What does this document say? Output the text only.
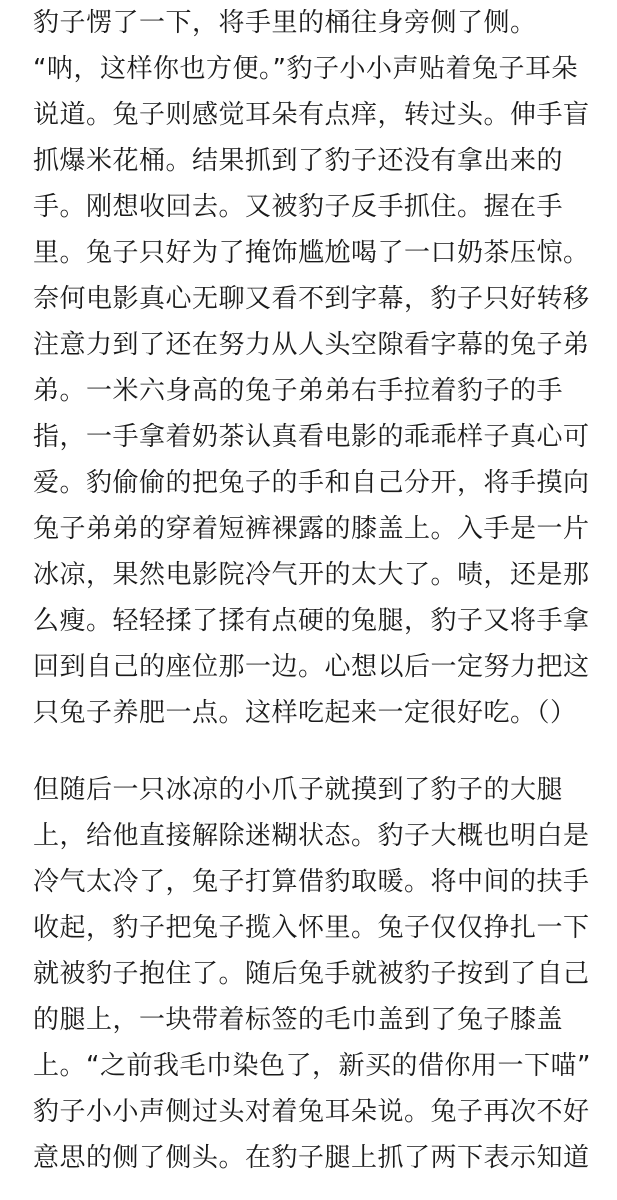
豹子愣了一下，将手里的桶往身旁侧了侧。
“呐，这样你也方便。”豹子小小声贴着兔子耳朵
说道。兔子则感觉耳朵有点痒，转过头。伸手盲
抓爆米花桶。结果抓到了豹子还没有拿出来的
手。刚想收回去。又被豹子反手抓住。握在手
里。兔子只好为了掩饰尴尬喝了一口奶茶压惊。
奈何电影真心无聊又看不到字幕，豹子只好转移
注意力到了还在努力从人头空隙看字幕的兔子弟
弟。一米六身高的兔子弟弟右手拉着豹子的手
指，一手拿着奶茶认真看电影的乖乖样子真心可
爱。豹偷偷的把兔子的手和自己分开，将手摸向
兔子弟弟的穿着短裤裸露的膝盖上。入手是一片
冰凉，果然电影院冷气开的太大了。啧，还是那
么瘦。轻轻揉了揉有点硬的兔腿，豹子又将手拿
回到自己的座位那一边。心想以后一定努力把这
只兔子养肥一点。这样吃起来一定很好吃。（）
但随后一只冰凉的小爪子就摸到了豹子的大腿
上，给他直接解除迷糊状态。豹子大概也明白是
冷气太冷了，兔子打算借豹取暖。将中间的扶手
收起，豹子把兔子揽入怀里。兔子仅仅挣扎一下
就被豹子抱住了。随后兔手就被豹子按到了自己
的腿上，一块带着标签的毛巾盖到了兔子膝盖
上。“之前我毛巾染色了，新买的借你用一下喵”
豹子小小声侧过头对着兔耳朵说。兔子再次不好
意思的侧了侧头。在豹子腿上抓了两下表示知道
